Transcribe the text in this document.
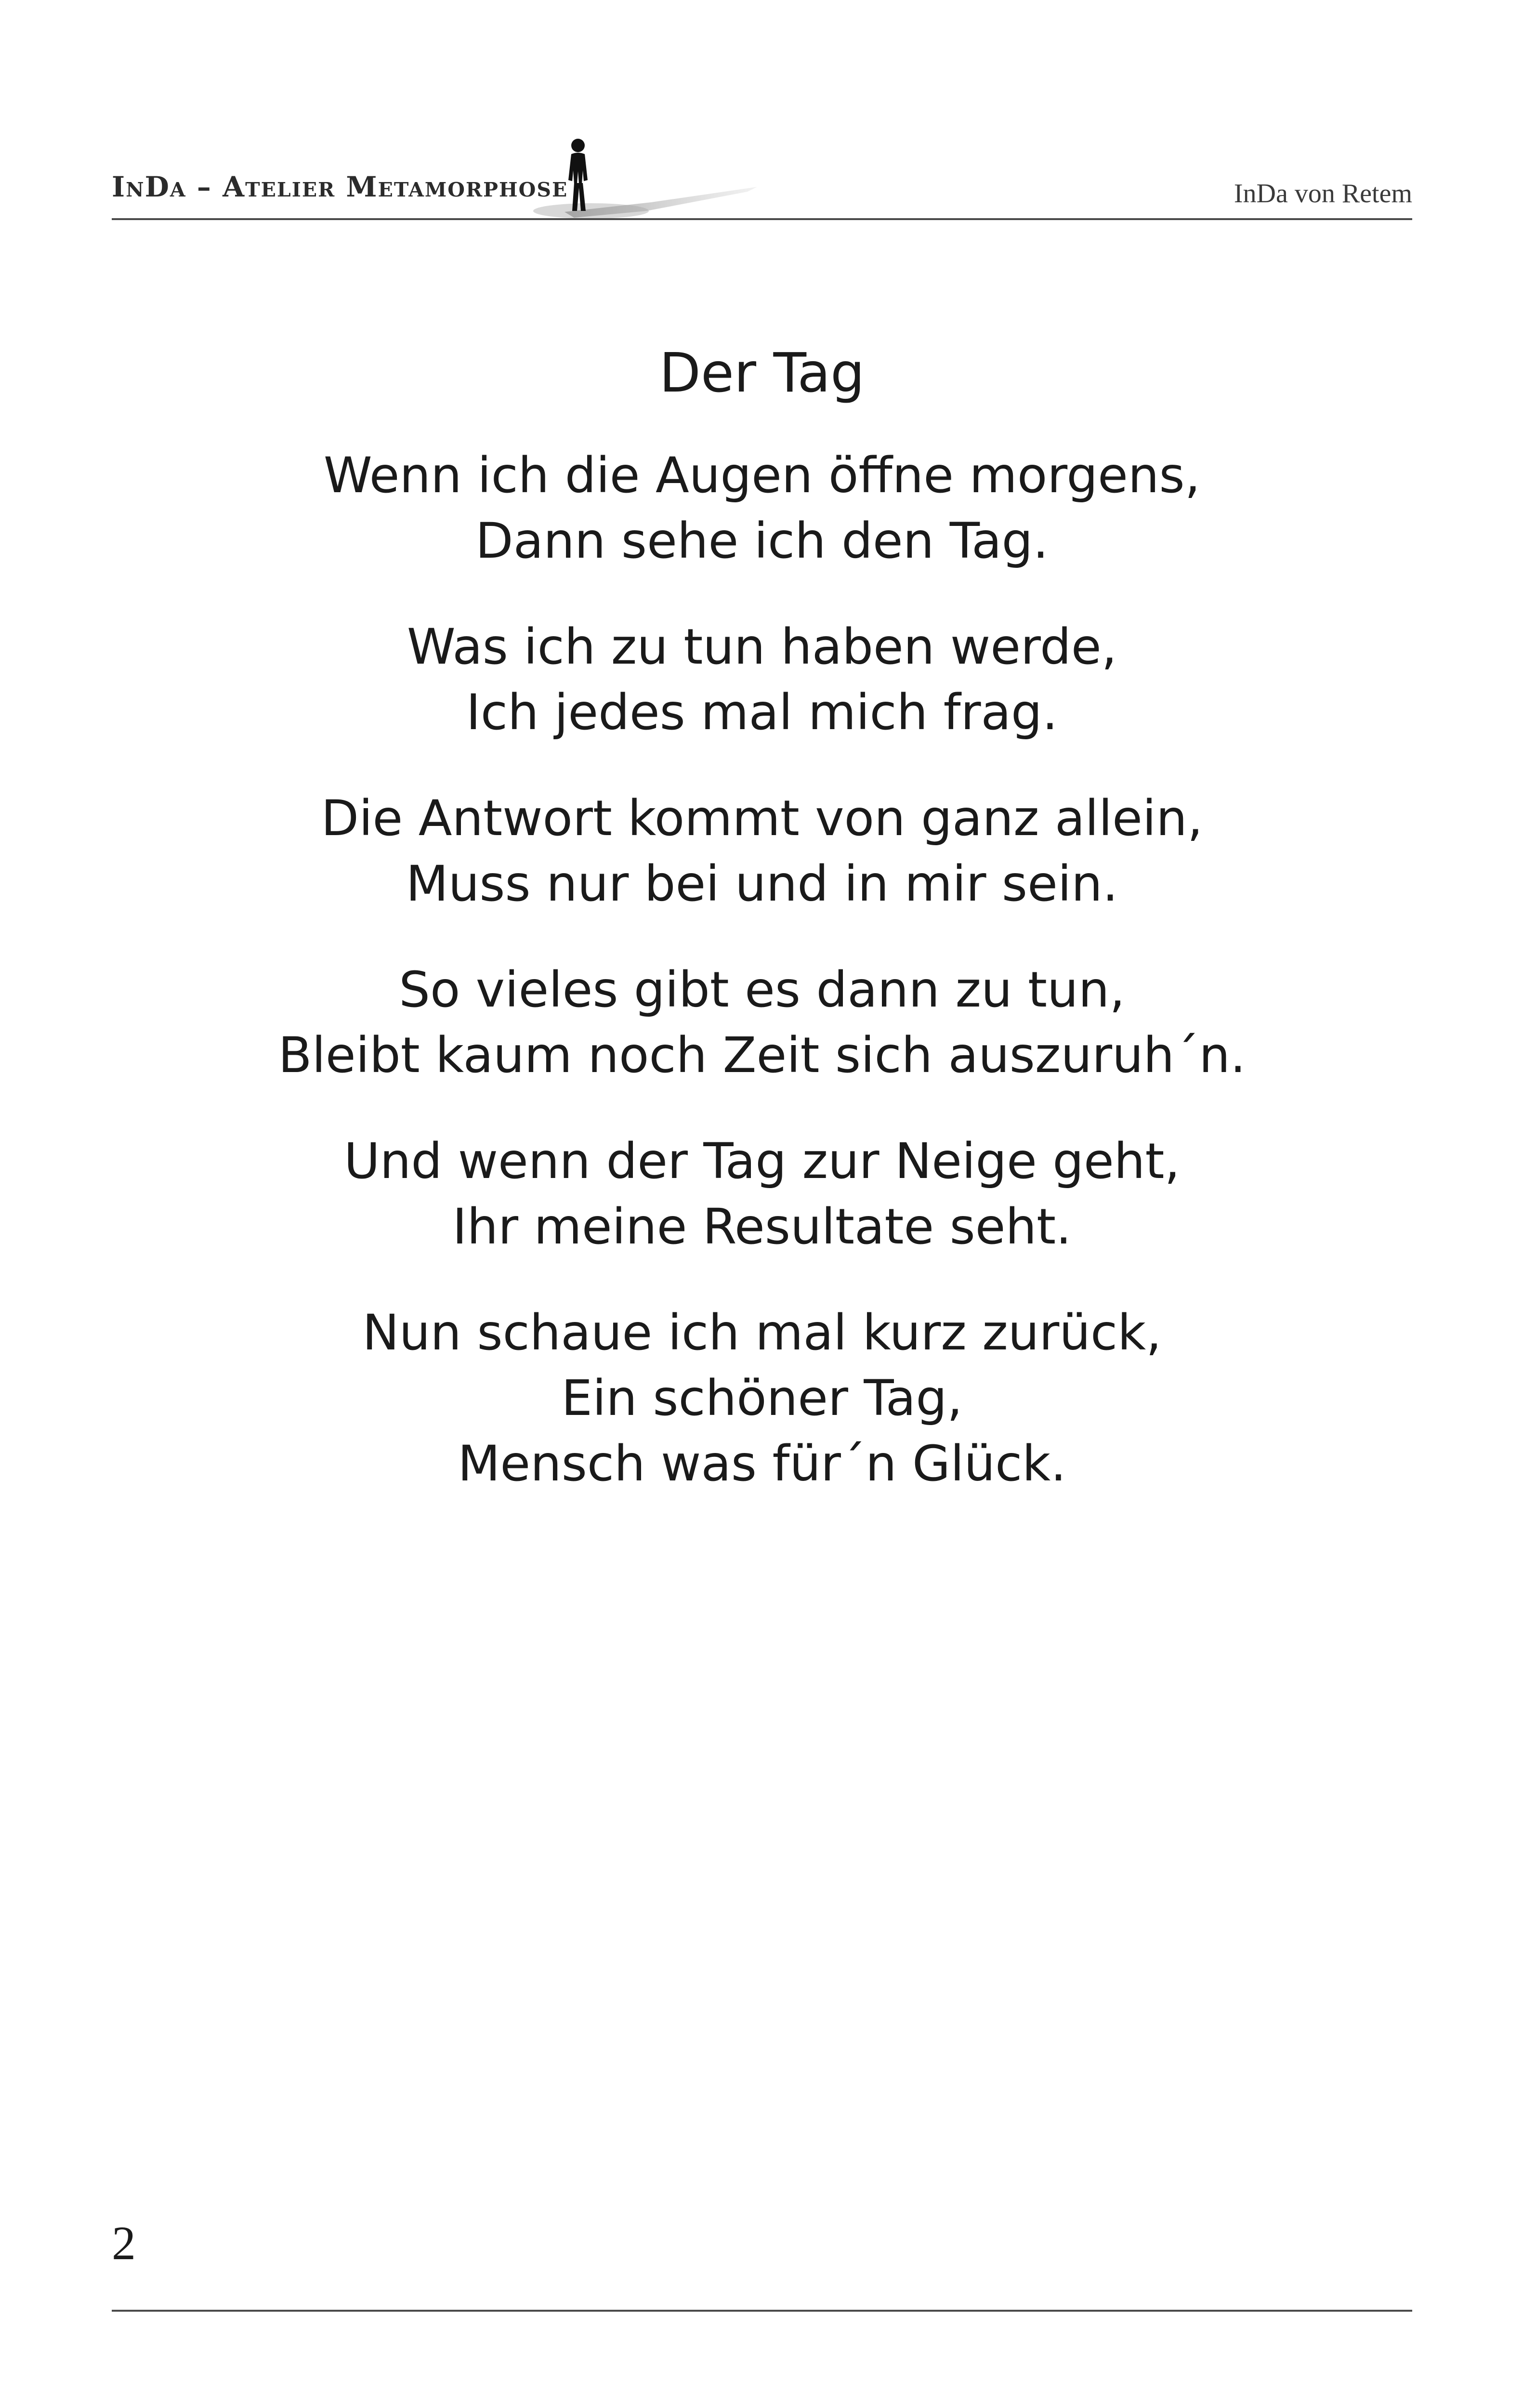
InDa – Atelier Metamorphose	InDa von Retem
Der Tag
Wenn ich die Augen öffne morgens,
Dann sehe ich den Tag.
Was ich zu tun haben werde,
Ich jedes mal mich frag.
Die Antwort kommt von ganz allein,
Muss nur bei und in mir sein.
So vieles gibt es dann zu tun,
Bleibt kaum noch Zeit sich auszuruh´n.
Und wenn der Tag zur Neige geht,
Ihr meine Resultate seht.
Nun schaue ich mal kurz zurück,
Ein schöner Tag,
Mensch was für´n Glück.
2
